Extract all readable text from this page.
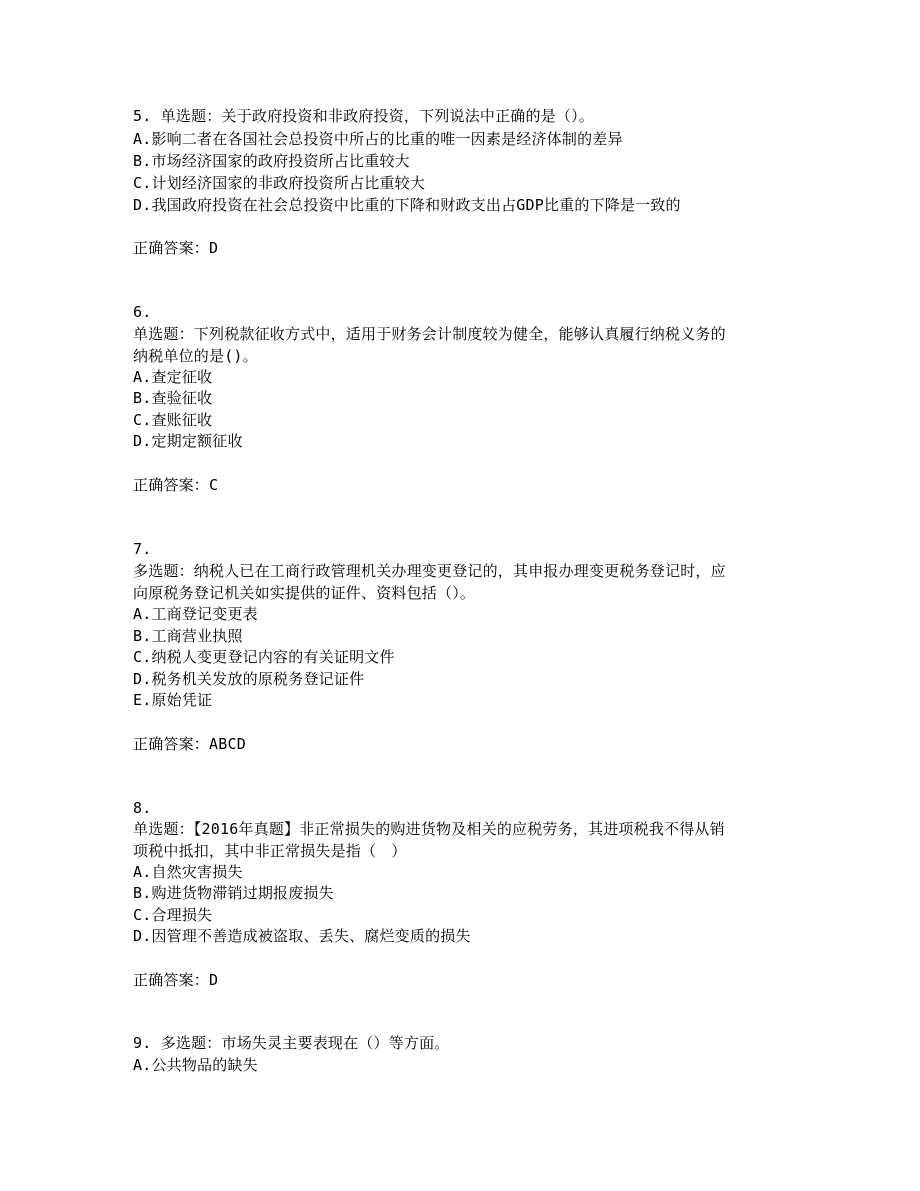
5. 单选题：关于政府投资和非政府投资，下列说法中正确的是（）。
A.影响二者在各国社会总投资中所占的比重的唯一因素是经济体制的差异
B.市场经济国家的政府投资所占比重较大
C.计划经济国家的非政府投资所占比重较大
D.我国政府投资在社会总投资中比重的下降和财政支出占GDP比重的下降是一致的
正确答案：D
6.
单选题：下列税款征收方式中，适用于财务会计制度较为健全，能够认真履行纳税义务的
纳税单位的是()。
A.查定征收
B.查验征收
C.查账征收
D.定期定额征收
正确答案：C
7.
多选题：纳税人已在工商行政管理机关办理变更登记的，其申报办理变更税务登记时，应
向原税务登记机关如实提供的证件、资料包括（）。
A.工商登记变更表
B.工商营业执照
C.纳税人变更登记内容的有关证明文件
D.税务机关发放的原税务登记证件
E.原始凭证
正确答案：ABCD
8.
单选题：【2016年真题】非正常损失的购进货物及相关的应税劳务，其进项税我不得从销
项税中抵扣，其中非正常损失是指（　）
A.自然灾害损失
B.购进货物滞销过期报废损失
C.合理损失
D.因管理不善造成被盗取、丢失、腐烂变质的损失
正确答案：D
9. 多选题：市场失灵主要表现在（）等方面。
A.公共物品的缺失
